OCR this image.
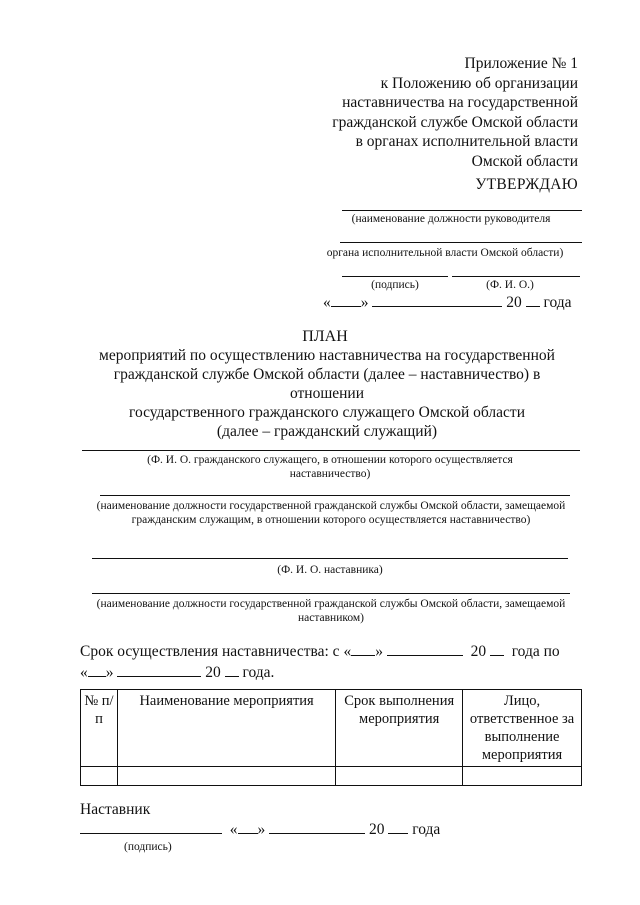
Приложение № 1
к Положению об организации
наставничества на государственной
гражданской службе Омской области
в органах исполнительной власти
Омской области
УТВЕРЖДАЮ
(наименование должности руководителя
органа исполнительной власти Омской области)
(подпись)	(Ф. И. О.)
« »	20 года
ПЛАН
мероприятий по осуществлению наставничества на государственной
гражданской службе Омской области (далее – наставничество) в отношении
государственного гражданского служащего Омской области
(далее – гражданский служащий)
(Ф. И. О. гражданского служащего, в отношении которого осуществляется наставничество)
(наименование должности государственной гражданской службы Омской области, замещаемой гражданским служащим, в отношении которого осуществляется наставничество)
(Ф. И. О. наставника)
(наименование должности государственной гражданской службы Омской области, замещаемой наставником)
Срок осуществления наставничества: с « »	20 года по
« »	20 года.
№ п/п	Наименование мероприятия	Срок выполнения мероприятия	Лицо, ответственное за выполнение мероприятия

Наставник
« »	20 года
(подпись)
